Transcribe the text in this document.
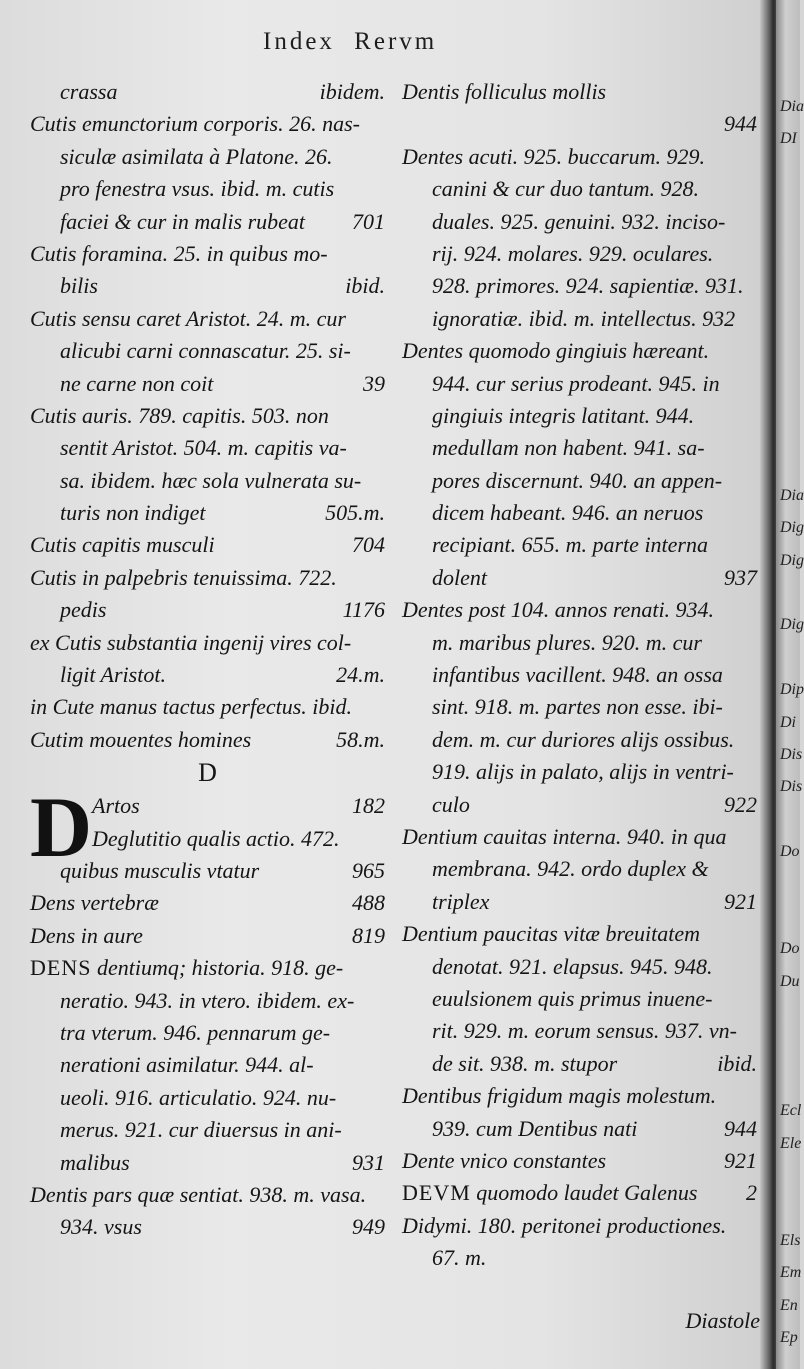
Dia
DI
Dia
Dig
Dig
Dig
Dip
Di
Dis
Dis
Do
Do
Du
Ecl
Ele
Els
Em
En
Ep
Index Rervm
crassa	ibidem.
Cutis emunctorium corporis. 26. nas-
siculæ asimilata à Platone. 26.
pro fenestra vsus. ibid. m. cutis
faciei & cur in malis rubeat 701
Cutis foramina. 25. in quibus mo-
bilis	ibid.
Cutis sensu caret Aristot. 24. m. cur
alicubi carni connascatur. 25. si-
ne carne non coit	39
Cutis auris. 789. capitis. 503. non
sentit Aristot. 504. m. capitis va-
sa. ibidem. hæc sola vulnerata su-
turis non indiget	505.m.
Cutis capitis musculi	704
Cutis in palpebris tenuissima. 722.
pedis	1176
ex Cutis substantia ingenij vires col-
ligit Aristot.	24.m.
in Cute manus tactus perfectus. ibid.
Cutim mouentes homines	58.m.
D
D Artos	182
Deglutitio qualis actio. 472.
quibus musculis vtatur	965
Dens vertebræ	488
Dens in aure	819
DENS dentiumq; historia. 918. ge-
neratio. 943. in vtero. ibidem. ex-
tra vterum. 946. pennarum ge-
nerationi asimilatur. 944. al-
ueoli. 916. articulatio. 924. nu-
merus. 921. cur diuersus in ani-
malibus	931
Dentis pars quæ sentiat. 938. m. vasa.
934. vsus	949
Dentis folliculus mollis
944
Dentes acuti. 925. buccarum. 929.
canini & cur duo tantum. 928.
duales. 925. genuini. 932. inciso-
rij. 924. molares. 929. oculares.
928. primores. 924. sapientiæ. 931.
ignoratiæ. ibid. m. intellectus. 932
Dentes quomodo gingiuis hæreant.
944. cur serius prodeant. 945. in
gingiuis integris latitant. 944.
medullam non habent. 941. sa-
pores discernunt. 940. an appen-
dicem habeant. 946. an neruos
recipiant. 655. m. parte interna
dolent	937
Dentes post 104. annos renati. 934.
m. maribus plures. 920. m. cur
infantibus vacillent. 948. an ossa
sint. 918. m. partes non esse. ibi-
dem. m. cur duriores alijs ossibus.
919. alijs in palato, alijs in ventri-
culo	922
Dentium cauitas interna. 940. in qua
membrana. 942. ordo duplex &
triplex	921
Dentium paucitas vitæ breuitatem
denotat. 921. elapsus. 945. 948.
euulsionem quis primus inuene-
rit. 929. m. eorum sensus. 937. vn-
de sit. 938. m. stupor	ibid.
Dentibus frigidum magis molestum.
939. cum Dentibus nati	944
Dente vnico constantes	921
DEVM quomodo laudet Galenus 2
Didymi. 180. peritonei productiones.
67. m.
Diastole
